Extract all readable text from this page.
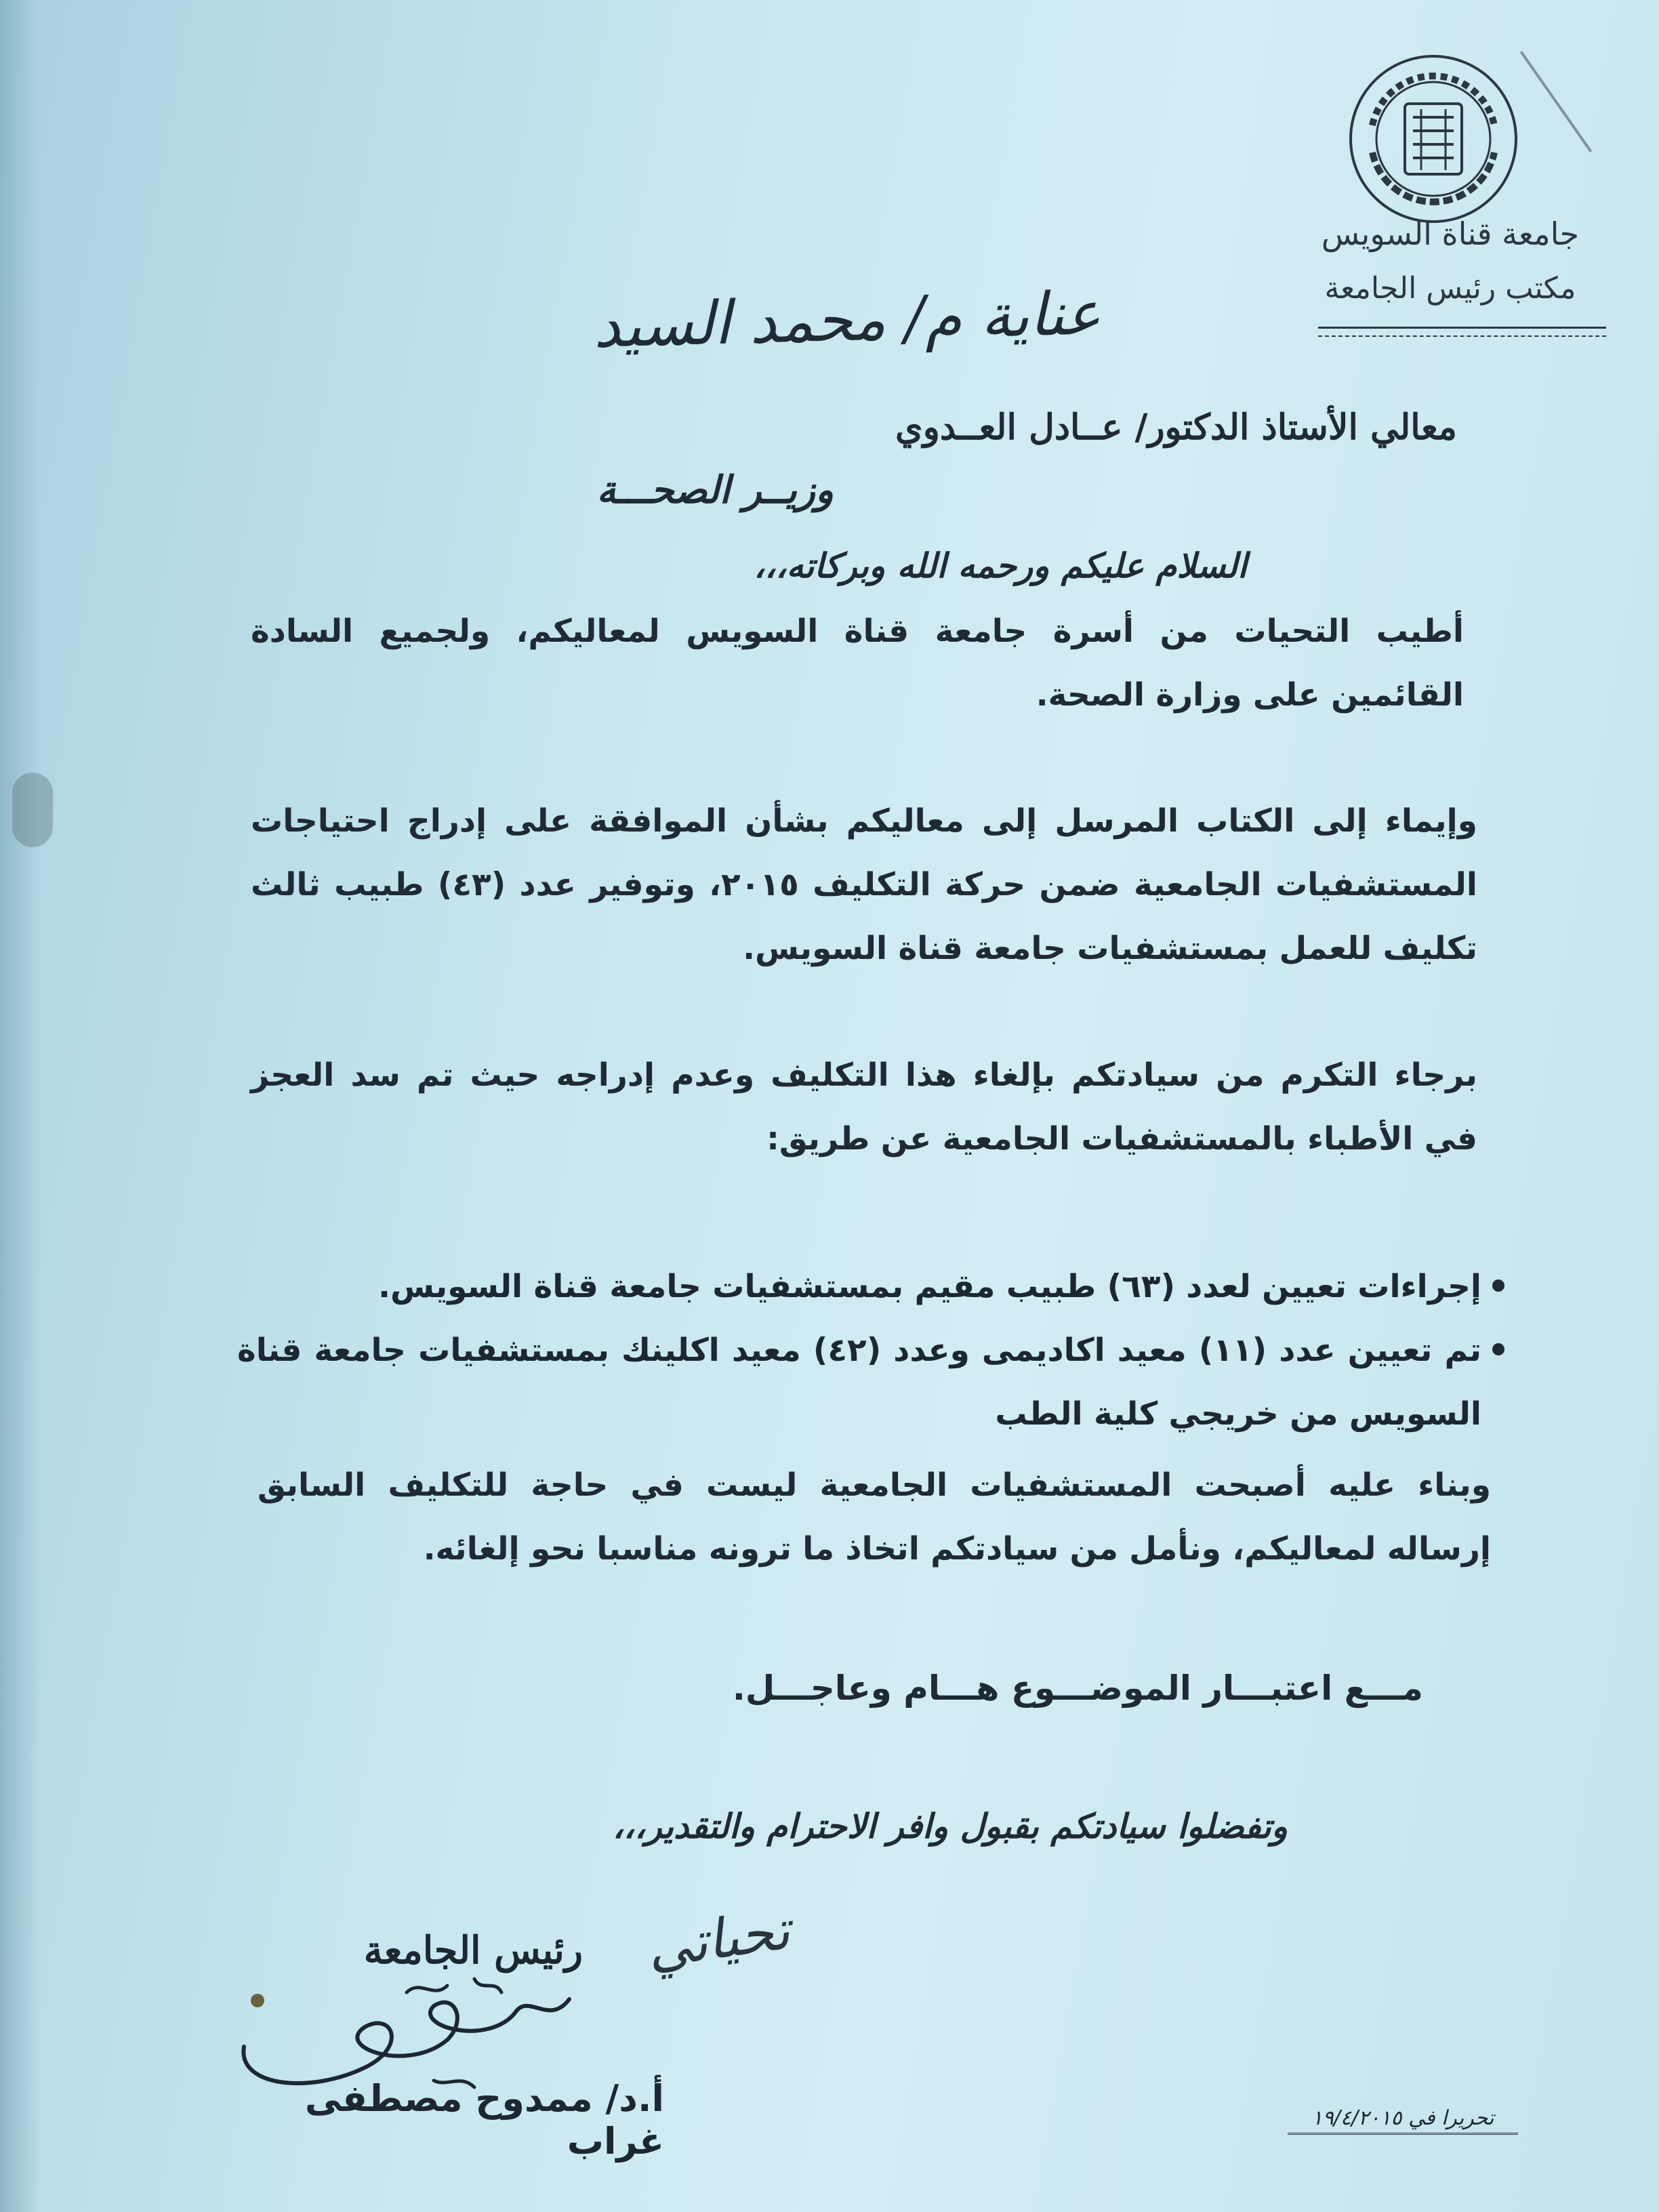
جامعة قناة السويس
مكتب رئيس الجامعة
عناية م/ محمد السيد
معالي الأستاذ الدكتور/ عــادل العــدوي
وزيــر الصحـــة
السلام عليكم ورحمه الله وبركاته،،،
أطيب التحيات من أسرة جامعة قناة السويس لمعاليكم، ولجميع السادة القائمين على وزارة الصحة.
وإيماء إلى الكتاب المرسل إلى معاليكم بشأن الموافقة على إدراج احتياجات المستشفيات الجامعية ضمن حركة التكليف ٢٠١٥، وتوفير عدد (٤٣) طبيب ثالث تكليف للعمل بمستشفيات جامعة قناة السويس.
برجاء التكرم من سيادتكم بإلغاء هذا التكليف وعدم إدراجه حيث تم سد العجز في الأطباء بالمستشفيات الجامعية عن طريق:
إجراءات تعيين لعدد (٦٣) طبيب مقيم بمستشفيات جامعة قناة السويس.
تم تعيين عدد (١١) معيد اكاديمى وعدد (٤٢) معيد اكلينك بمستشفيات جامعة قناة السويس من خريجي كلية الطب
وبناء عليه أصبحت المستشفيات الجامعية ليست في حاجة للتكليف السابق إرساله لمعاليكم، ونأمل من سيادتكم اتخاذ ما ترونه مناسبا نحو إلغائه.
مـــع اعتبـــار الموضـــوع هـــام وعاجـــل.
وتفضلوا سيادتكم بقبول وافر الاحترام والتقدير،،،
تحياتي
رئيس الجامعة
أ.د/ ممدوح مصطفى غراب
تحريرا في ١٩/٤/٢٠١٥
